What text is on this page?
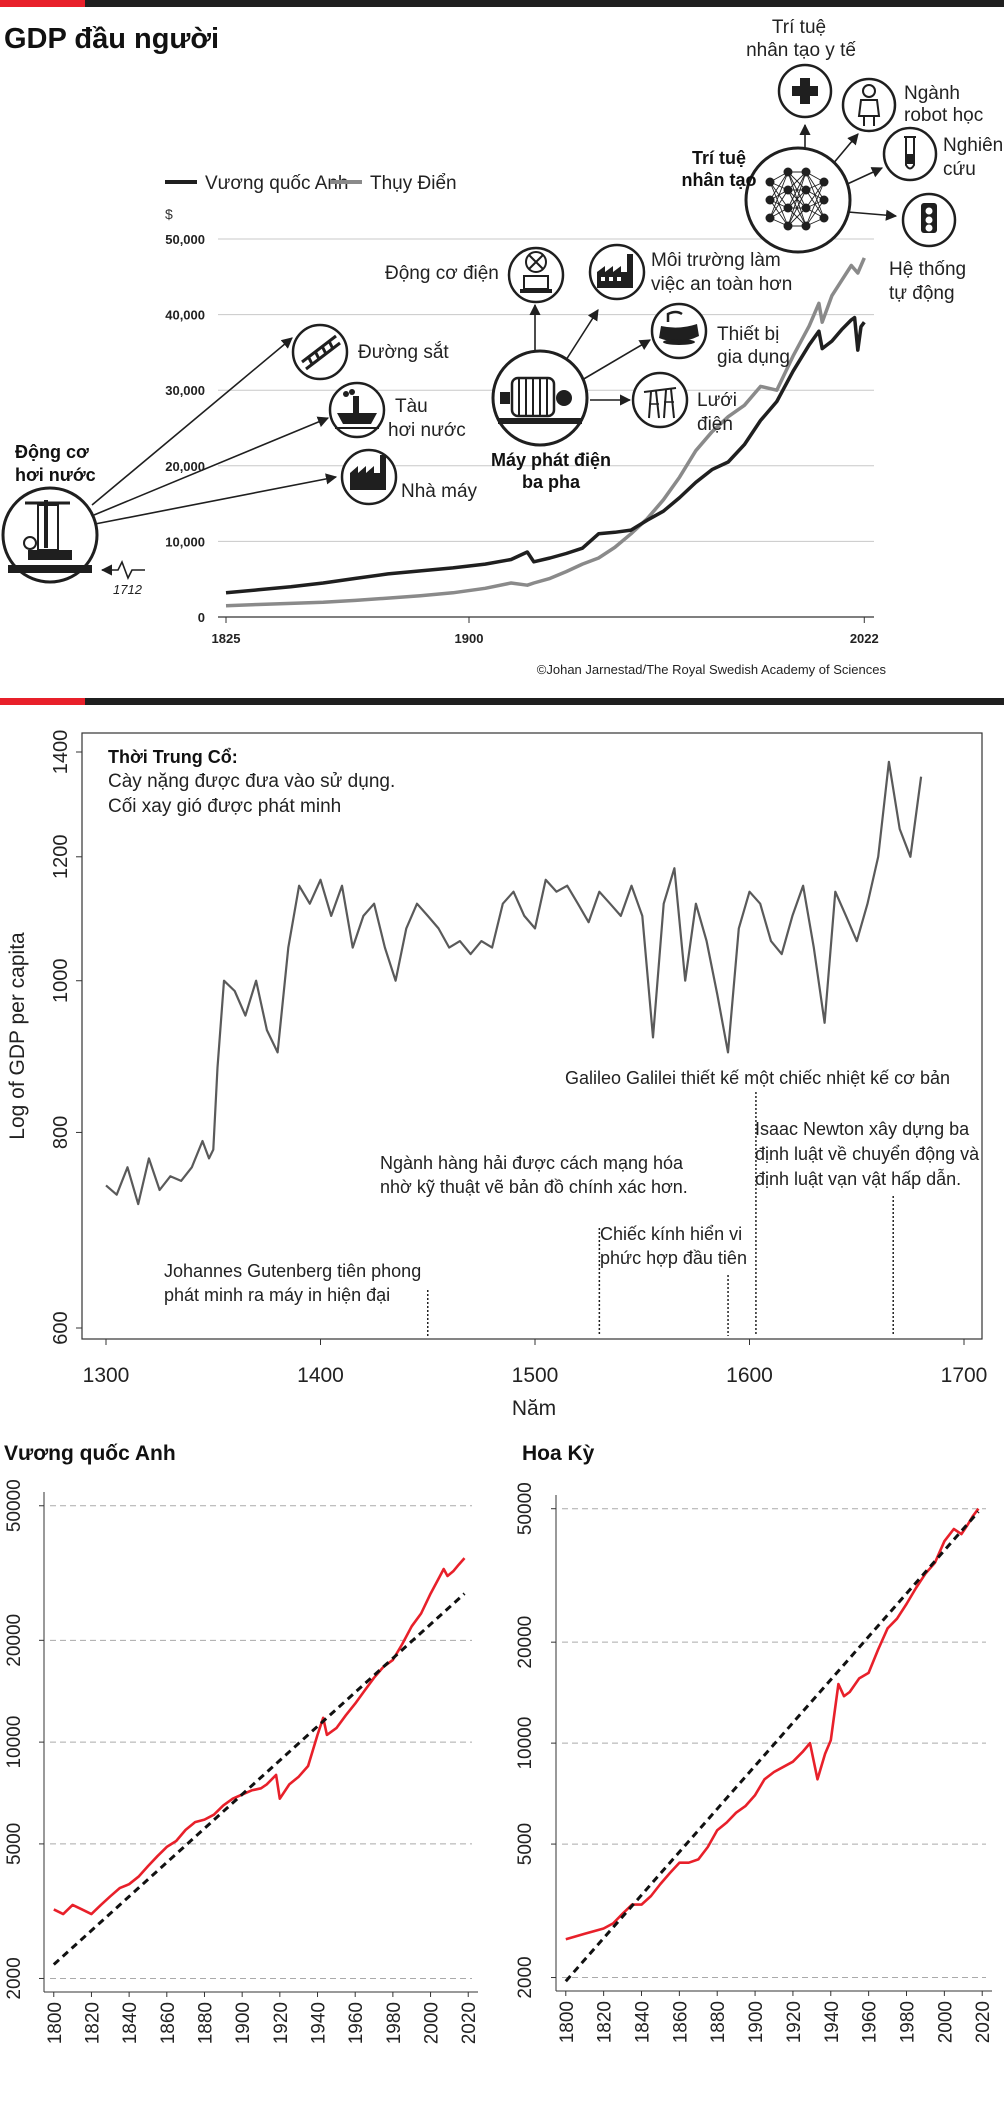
GDP đầu người
$
0
10,000
20,000
30,000
40,000
50,000
1825	1900	2022
Vương quốc Anh Thụy Điển
Động cơ
hơi nước
1712
Đường sắt
Tàu
hơi nước
Nhà máy
Động cơ điện
Môi trường làm
việc an toàn hơn
Thiết bị
gia dụng
Lưới
điện
Máy phát điện
ba pha
Trí tuệ
nhân tạo
Trí tuệ
nhân tạo y tế
Ngành
robot học
Nghiên
cứu
Hệ thống
tự động
©Johan Jarnestad/The Royal Swedish Academy of Sciences
600
800
1000
1200
1400
1300	1400	1500	1600	1700
Log of GDP per capita
Năm
Thời Trung Cổ:
Cày nặng được đưa vào sử dụng.
Cối xay gió được phát minh
Johannes Gutenberg tiên phong
phát minh ra máy in hiện đại
Ngành hàng hải được cách mạng hóa
nhờ kỹ thuật vẽ bản đồ chính xác hơn.
Chiếc kính hiển vi
phức hợp đầu tiên
Galileo Galilei thiết kế một chiếc nhiệt kế cơ bản
Isaac Newton xây dựng ba
định luật về chuyển động và
định luật vạn vật hấp dẫn.
Vương quốc Anh
2000
5000
10000
20000
50000
1800 1820 1840 1860 1880 1900 1920 1940 1960 1980 2000 2020
Hoa Kỳ
2000
5000
10000
20000
50000
1800 1820 1840 1860 1880 1900 1920 1940 1960 1980 2000 2020
